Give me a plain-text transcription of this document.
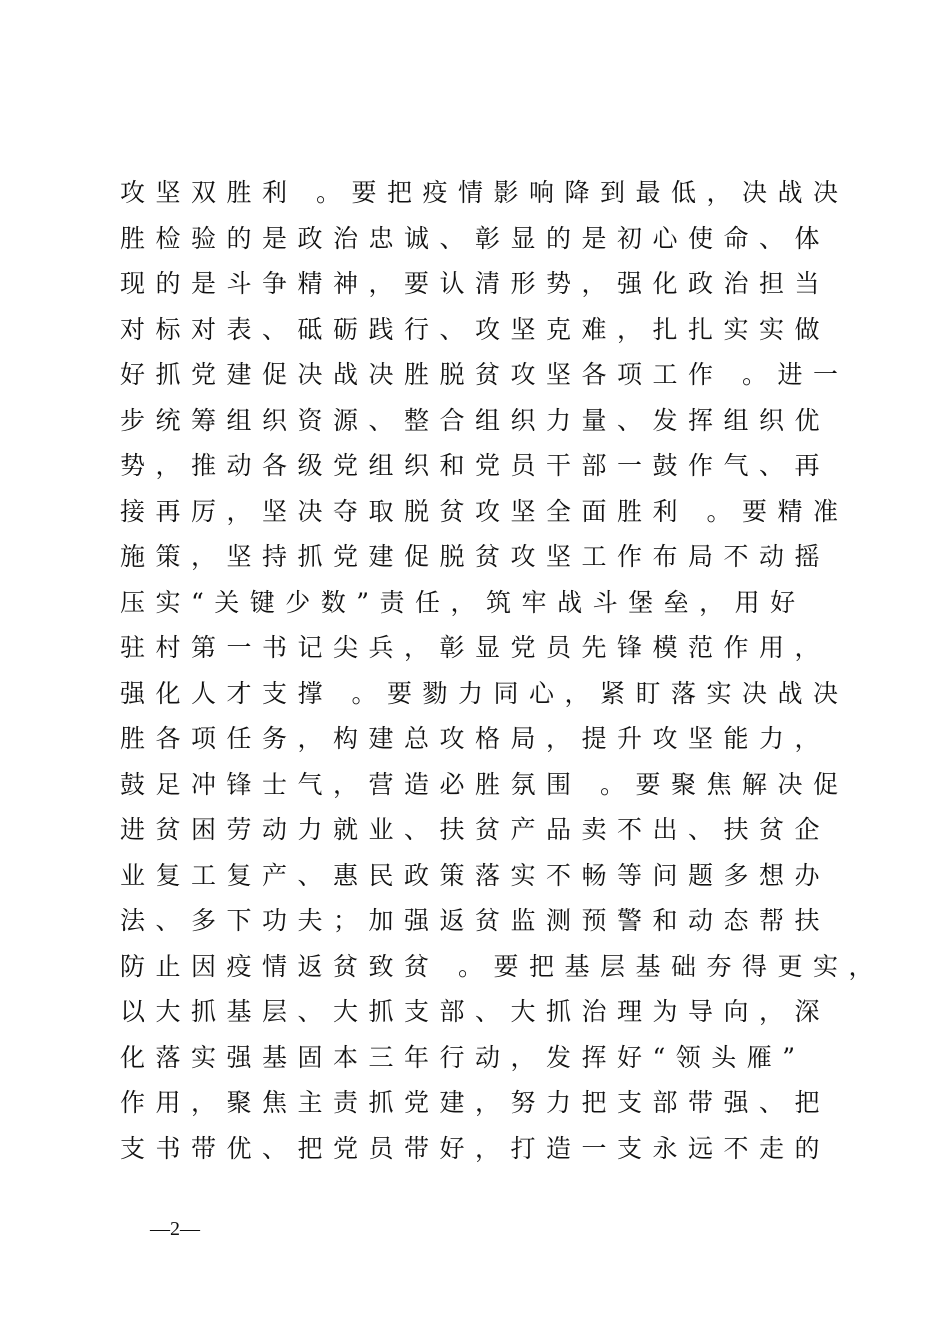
攻坚双胜利 。要把疫情影响降到最低，决战决
胜检验的是政治忠诚、彰显的是初心使命、体
现的是斗争精神，要认清形势，强化政治担当
对标对表、砥砺践行、攻坚克难，扎扎实实做
好抓党建促决战决胜脱贫攻坚各项工作 。进一
步统筹组织资源、整合组织力量、发挥组织优
势，推动各级党组织和党员干部一鼓作气、再
接再厉，坚决夺取脱贫攻坚全面胜利 。要精准
施策，坚持抓党建促脱贫攻坚工作布局不动摇
压实“关键少数”责任，筑牢战斗堡垒，用好
驻村第一书记尖兵，彰显党员先锋模范作用，
强化人才支撑 。要勠力同心，紧盯落实决战决
胜各项任务，构建总攻格局，提升攻坚能力，
鼓足冲锋士气，营造必胜氛围 。要聚焦解决促
进贫困劳动力就业、扶贫产品卖不出、扶贫企
业复工复产、惠民政策落实不畅等问题多想办
法、多下功夫；加强返贫监测预警和动态帮扶
防止因疫情返贫致贫 。要把基层基础夯得更实，
以大抓基层、大抓支部、大抓治理为导向，深
化落实强基固本三年行动，发挥好“领头雁”
作用，聚焦主责抓党建，努力把支部带强、把
支书带优、把党员带好，打造一支永远不走的
—2—
